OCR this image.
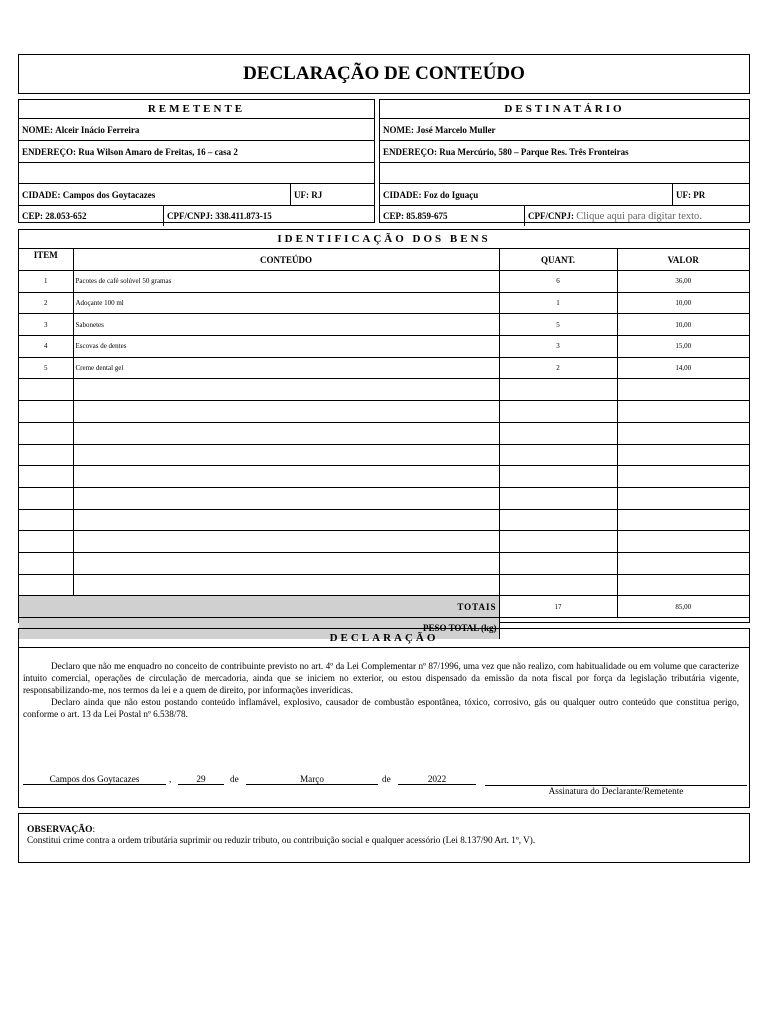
DECLARAÇÃO DE CONTEÚDO
REMETENTE
NOME : Alceir Inácio Ferreira
ENDEREÇO : Rua Wilson Amaro de Freitas, 16 – casa 2
CIDADE : Campos dos Goytacazes	UF : RJ
CEP : 28.053-652	CPF/CNPJ : 338.411.873-15
DESTINATÁRIO
NOME : José Marcelo Muller
ENDEREÇO : Rua Mercúrio, 580 – Parque Res. Três Fronteiras
CIDADE : Foz do Iguaçu	UF : PR
CEP : 85.859-675	CPF/CNPJ : Clique aqui para digitar texto.
IDENTIFICAÇÃO DOS BENS
ITEM	CONTEÚDO	QUANT.	VALOR
1	Pacotes de café solúvel 50 gramas	6	36,00
2	Adoçante 100 ml	1	10,00
3	Sabonetes	5	10,00
4	Escovas de dentes	3	15,00
5	Creme dental gel	2	14,00

TOTAIS		17	85,00
PESO TOTAL (kg)			
DECLARAÇÃO
Declaro que não me enquadro no conceito de contribuinte previsto no art. 4º da Lei Complementar nº 87/1996, uma vez que não realizo, com habitualidade ou em volume que caracterize intuito comercial, operações de circulação de mercadoria, ainda que se iniciem no exterior, ou estou dispensado da emissão da nota fiscal por força da legislação tributária vigente, responsabilizando-me, nos termos da lei e a quem de direito, por informações inverídicas.
Declaro ainda que não estou postando conteúdo inflamável, explosivo, causador de combustão espontânea, tóxico, corrosivo, gás ou qualquer outro conteúdo que constitua perigo, conforme o art. 13 da Lei Postal nº 6.538/78.
Campos dos Goytacazes	,	29	de	Março	de	2022
Assinatura do Declarante/Remetente
OBSERVAÇÃO:
Constitui crime contra a ordem tributária suprimir ou reduzir tributo, ou contribuição social e qualquer acessório (Lei 8.137/90 Art. 1º, V).
